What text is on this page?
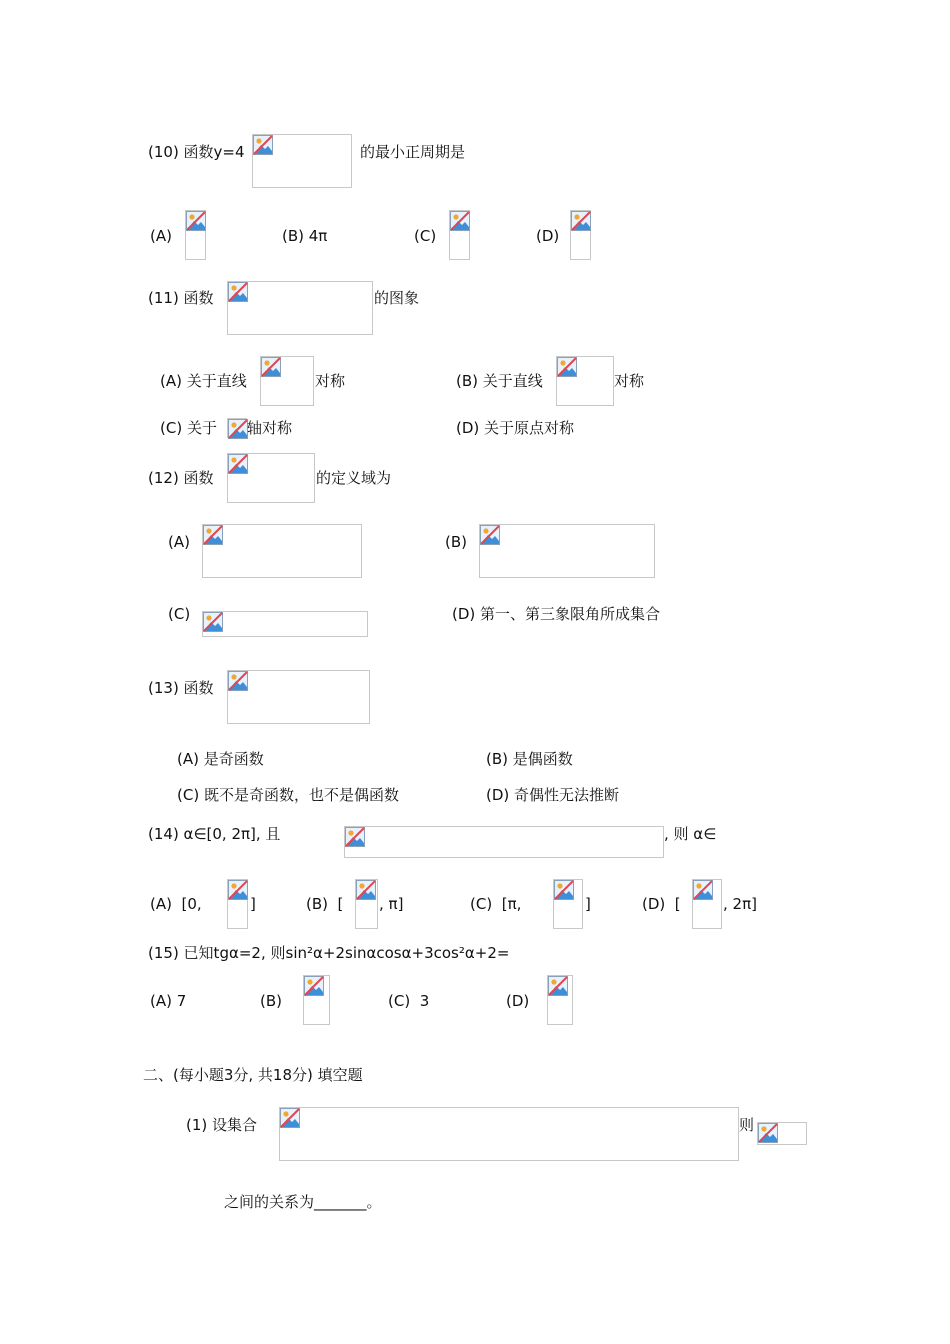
(10) 函数y=4	的最小正周期是
(A)	(B) 4π	(C)	(D)
(11) 函数	的图象
(A) 关于直线	对称	(B) 关于直线	对称
(C) 关于 轴对称	(D) 关于原点对称
(12) 函数	的定义域为
(A)	(B)
(C)	(D) 第一、第三象限角所成集合
(13) 函数
(A) 是奇函数	(B) 是偶函数
(C) 既不是奇函数，也不是偶函数	(D) 奇偶性无法推断
(14) α∈[0, 2π], 且	, 则 α∈
(A)  [0,	]	(B)  [ , π]	(C)  [π,	]	(D)  [	, 2π]
(15) 已知tgα=2, 则sin²α+2sinαcosα+3cos²α+2=
(A) 7	(B)	(C)  3	(D)
二、(每小题3分, 共18分) 填空题
(1) 设集合	则
之间的关系为_______。
